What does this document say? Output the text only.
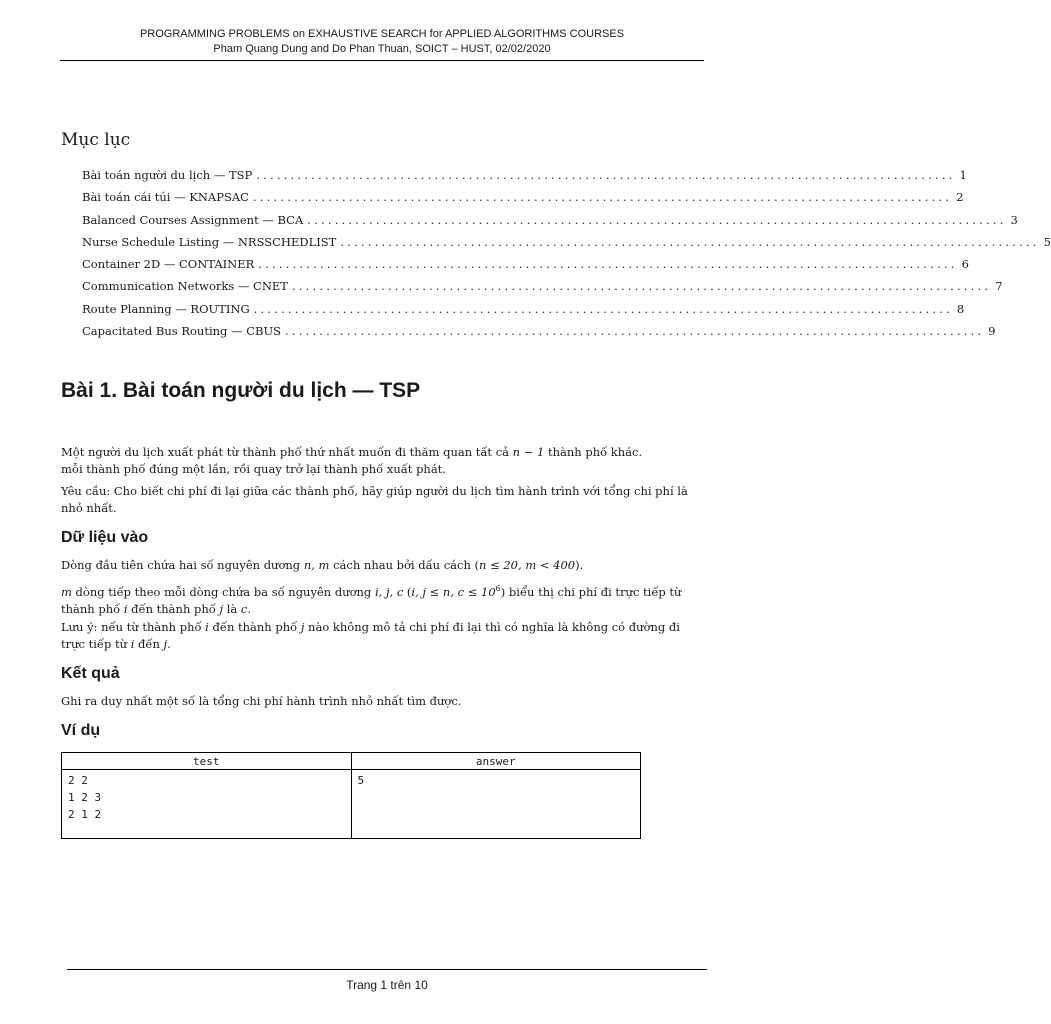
PROGRAMMING PROBLEMS on EXHAUSTIVE SEARCH for APPLIED ALGORITHMS COURSES
Pham Quang Dung and Do Phan Thuan, SOICT – HUST, 02/02/2020
Mục lục
Bài toán người du lịch — TSP ...................................................................................................... 1
Bài toán cái túi — KNAPSAC ...................................................................................................... 2
Balanced Courses Assignment — BCA ...................................................................................................... 3
Nurse Schedule Listing — NRSSCHEDLIST ...................................................................................................... 5
Container 2D — CONTAINER ...................................................................................................... 6
Communication Networks — CNET ...................................................................................................... 7
Route Planning — ROUTING ...................................................................................................... 8
Capacitated Bus Routing — CBUS ...................................................................................................... 9
Bài 1. Bài toán người du lịch — TSP

Một người du lịch xuất phát từ thành phố thứ nhất muốn đi thăm quan tất cả n − 1 thành phố khác.
mỗi thành phố đúng một lần, rồi quay trở lại thành phố xuất phát.

Yêu cầu: Cho biết chi phí đi lại giữa các thành phố, hãy giúp người du lịch tìm hành trình với tổng chi phí là nhỏ nhất.

Dữ liệu vào

Dòng đầu tiên chứa hai số nguyên dương n, m cách nhau bởi dấu cách (n ≤ 20, m < 400).

m dòng tiếp theo mỗi dòng chứa ba số nguyên dương i, j, c (i, j ≤ n, $c \le 10^6$) biểu thị chi phí đi trực tiếp từ thành phố i đến thành phố j là c.

Lưu ý: nếu từ thành phố i đến thành phố j nào không mô tả chi phí đi lại thì có nghĩa là không có đường đi trực tiếp từ i đến j.

Kết quả

Ghi ra duy nhất một số là tổng chi phí hành trình nhỏ nhất tìm được.

Ví dụ
test	answer

2 2
1 2 3
2 1 2	5
Trang 1 trên 10
